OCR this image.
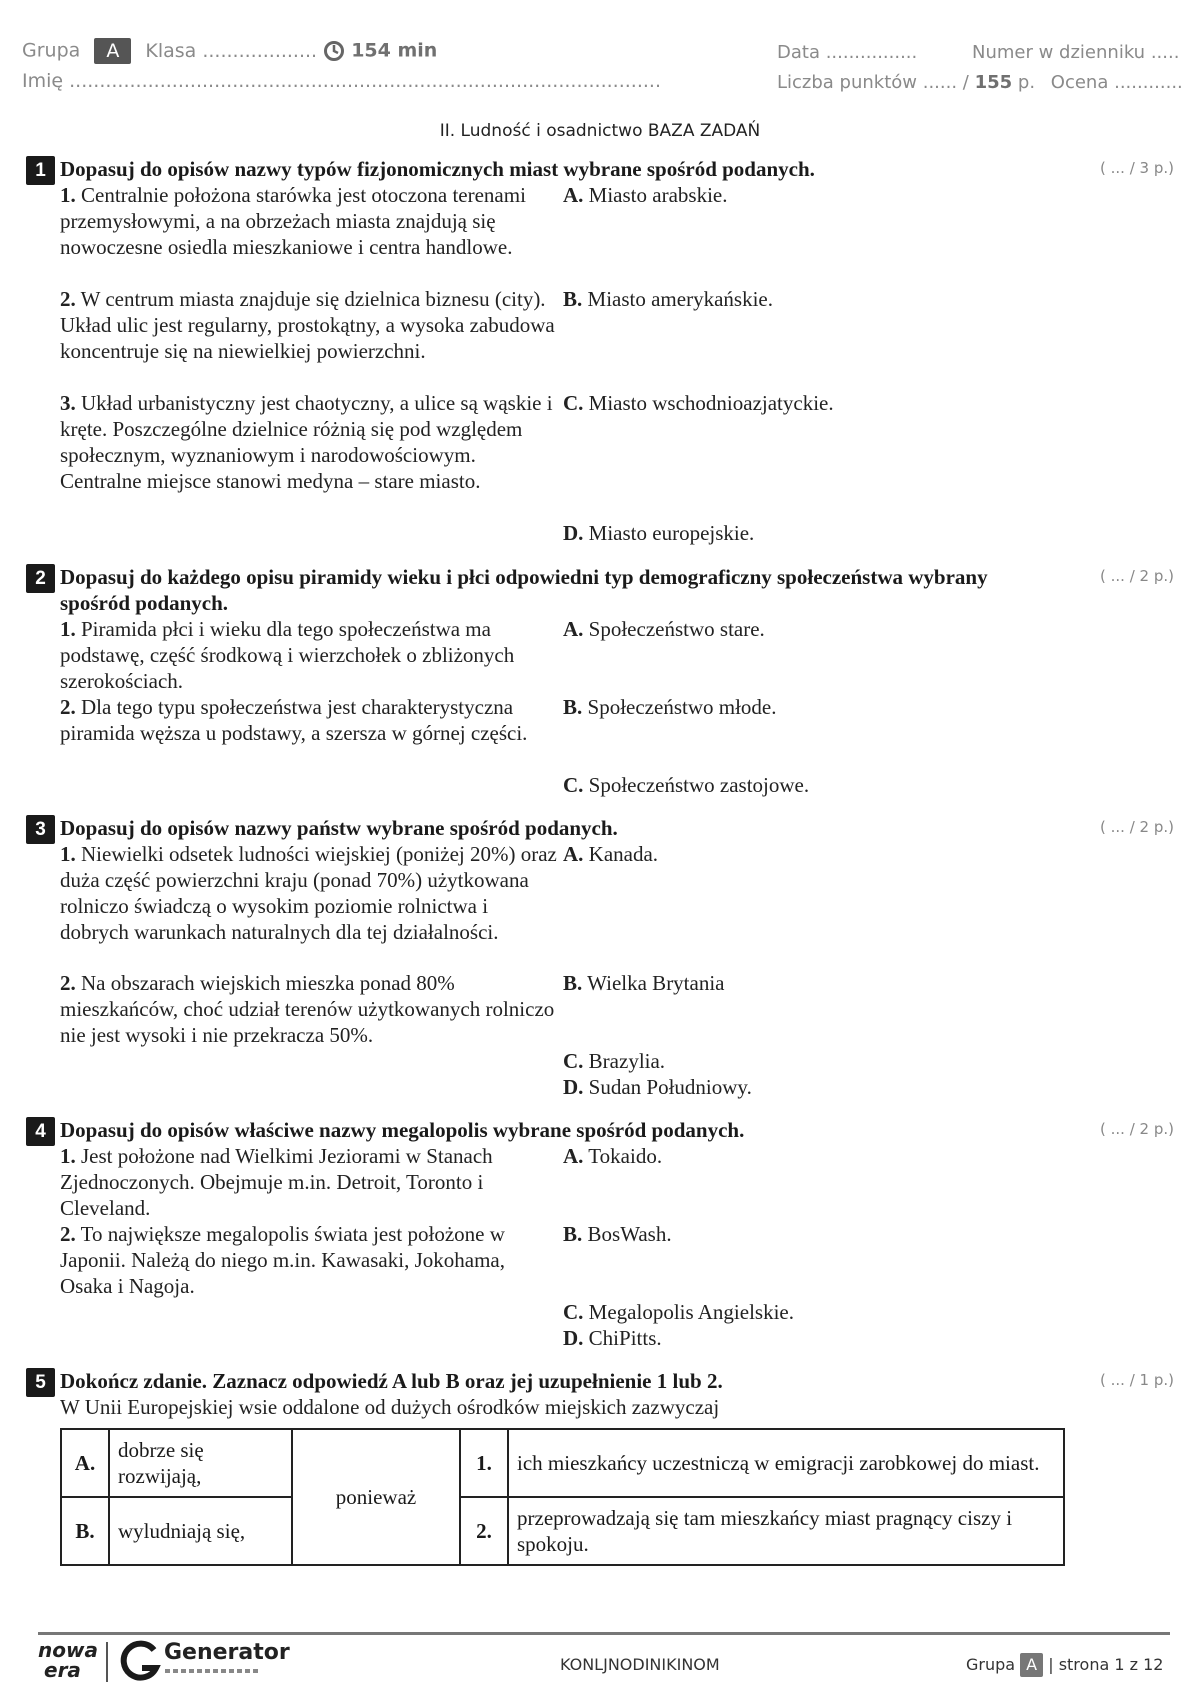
Grupa A Klasa ................... 154 min
Imię ..................................................................................................
Data ................	Numer w dzienniku .....
Liczba punktów ...... / 155 p. Ocena ............
II. Ludność i osadnictwo BAZA ZADAŃ
1 Dopasuj do opisów nazwy typów fizjonomicznych miast wybrane spośród podanych.	( ... / 3 p.)
1. Centralnie położona starówka jest otoczona terenami przemysłowymi, a na obrzeżach miasta znajdują się nowoczesne osiedla mieszkaniowe i centra handlowe.
2. W centrum miasta znajduje się dzielnica biznesu (city). Układ ulic jest regularny, prostokątny, a wysoka zabudowa koncentruje się na niewielkiej powierzchni.
3. Układ urbanistyczny jest chaotyczny, a ulice są wąskie i kręte. Poszczególne dzielnice różnią się pod względem społecznym, wyznaniowym i narodowościowym. Centralne miejsce stanowi medyna – stare miasto.
A. Miasto arabskie.
B. Miasto amerykańskie.
C. Miasto wschodnioazjatyckie.
D. Miasto europejskie.
2 Dopasuj do każdego opisu piramidy wieku i płci odpowiedni typ demograficzny społeczeństwa wybrany spośród podanych.
( ... / 2 p.)
1. Piramida płci i wieku dla tego społeczeństwa ma podstawę, część środkową i wierzchołek o zbliżonych szerokościach.
2. Dla tego typu społeczeństwa jest charakterystyczna piramida węższa u podstawy, a szersza w górnej części.
A. Społeczeństwo stare.
B. Społeczeństwo młode.
C. Społeczeństwo zastojowe.
3 Dopasuj do opisów nazwy państw wybrane spośród podanych.	( ... / 2 p.)
1. Niewielki odsetek ludności wiejskiej (poniżej 20%) oraz duża część powierzchni kraju (ponad 70%) użytkowana rolniczo świadczą o wysokim poziomie rolnictwa i dobrych warunkach naturalnych dla tej działalności.
2. Na obszarach wiejskich mieszka ponad 80% mieszkańców, choć udział terenów użytkowanych rolniczo nie jest wysoki i nie przekracza 50%.
A. Kanada.
B. Wielka Brytania
C. Brazylia.
D. Sudan Południowy.
4 Dopasuj do opisów właściwe nazwy megalopolis wybrane spośród podanych.	( ... / 2 p.)
1. Jest położone nad Wielkimi Jeziorami w Stanach Zjednoczonych. Obejmuje m.in. Detroit, Toronto i Cleveland.
2. To największe megalopolis świata jest położone w Japonii. Należą do niego m.in. Kawasaki, Jokohama, Osaka i Nagoja.
A. Tokaido.
B. BosWash.
C. Megalopolis Angielskie.
D. ChiPitts.
5 Dokończ zdanie. Zaznacz odpowiedź A lub B oraz jej uzupełnienie 1 lub 2.	( ... / 1 p.)
W Unii Europejskiej wsie oddalone od dużych ośrodków miejskich zazwyczaj
A.	dobrze się rozwijają,	ponieważ	1.	ich mieszkańcy uczestniczą w emigracji zarobkowej do miast.
B.	wyludniają się,		2.	przeprowadzają się tam mieszkańcy miast pragnący ciszy i spokoju.
nowa
era
Generator	KONLJNODINIKINOM	Grupa A | strona 1 z 12
